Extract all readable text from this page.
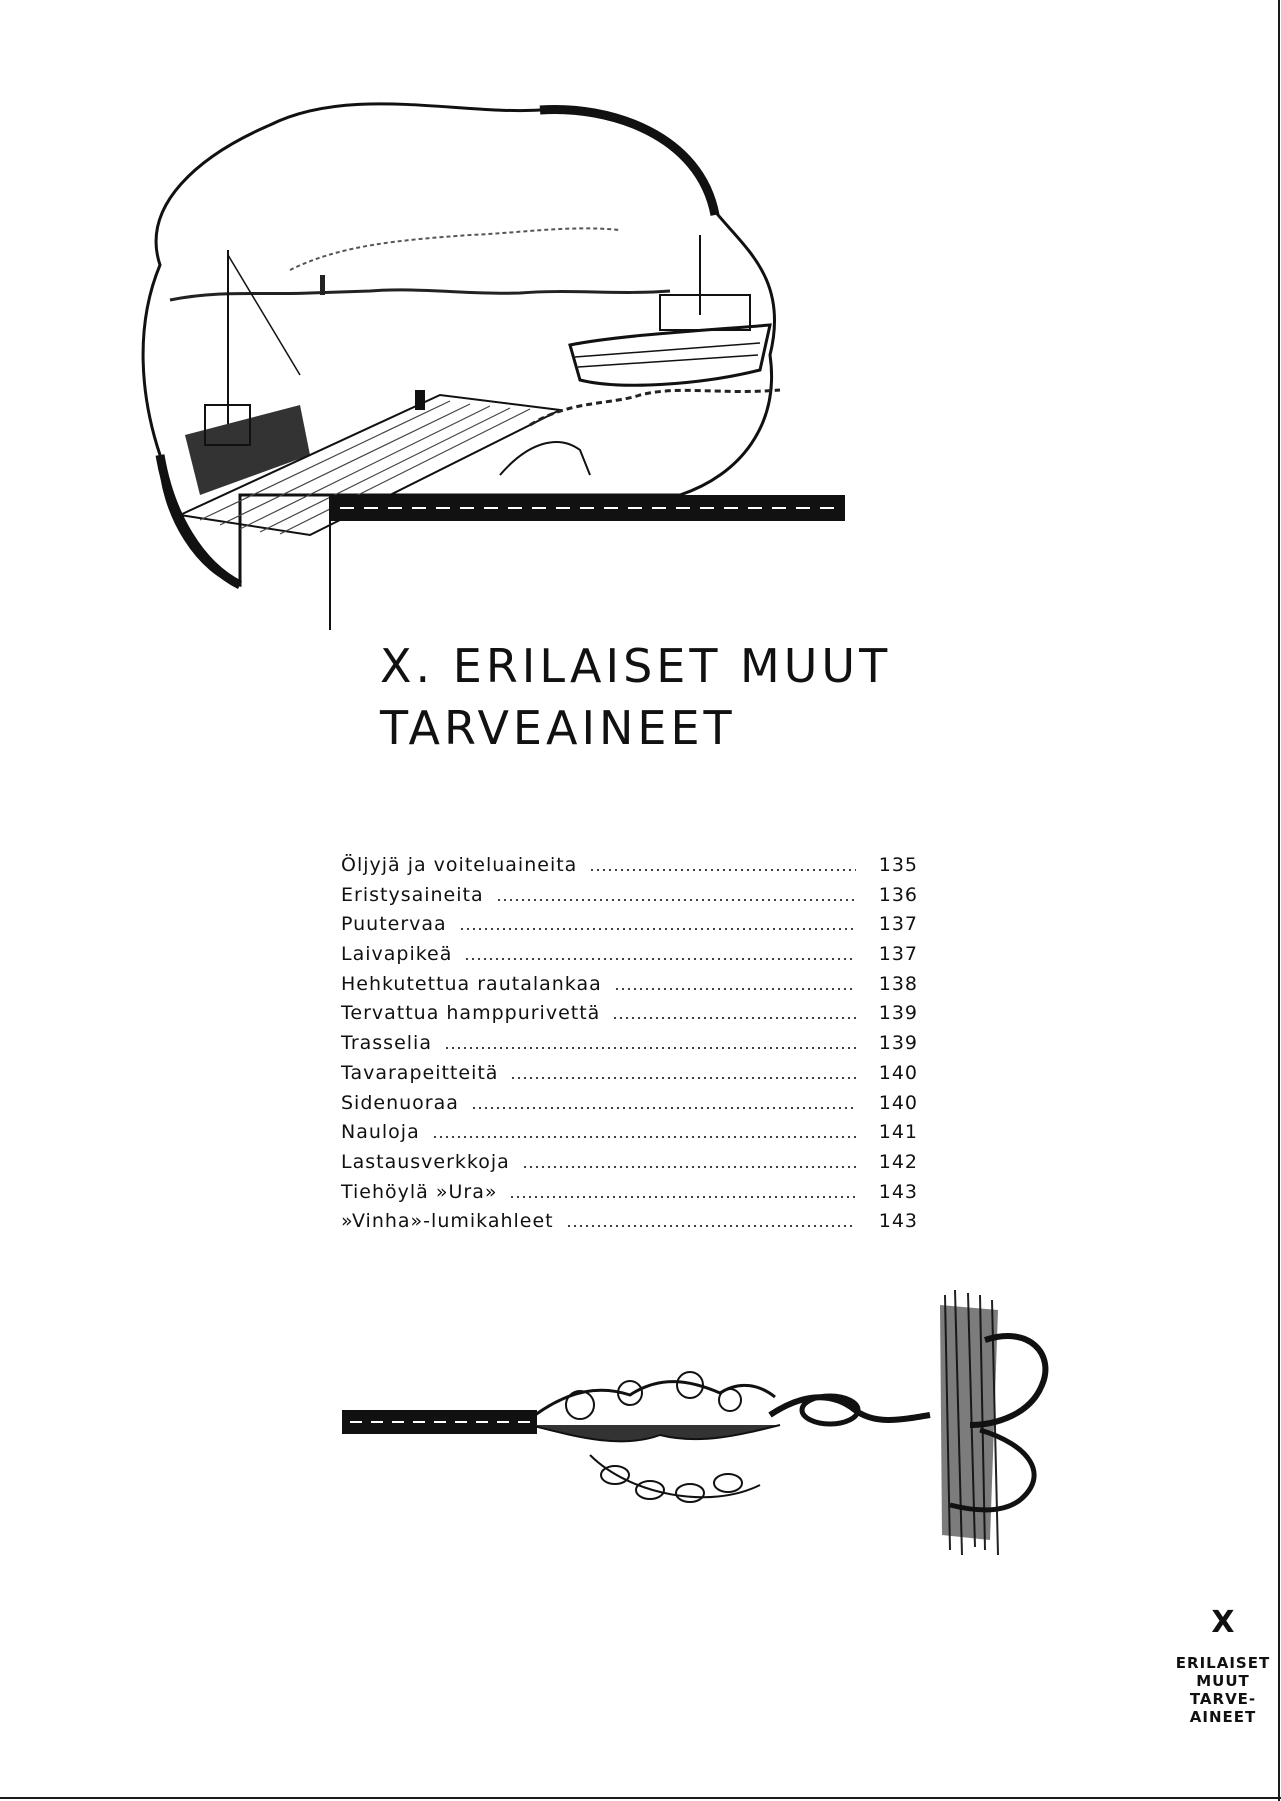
X. ERILAISET MUUT
TARVEAINEET
Öljyjä ja voiteluaineita	135
Eristysaineita	136
Puutervaa	137
Laivapikeä	137
Hehkutettua rautalankaa	138
Tervattua hamppurivettä	139
Trasselia	139
Tavarapeitteitä	140
Sidenuoraa	140
Nauloja	141
Lastausverkkoja	142
Tiehöylä »Ura»	143
»Vinha»-lumikahleet	143
X
ERILAISET
MUUT
TARVE-
AINEET
